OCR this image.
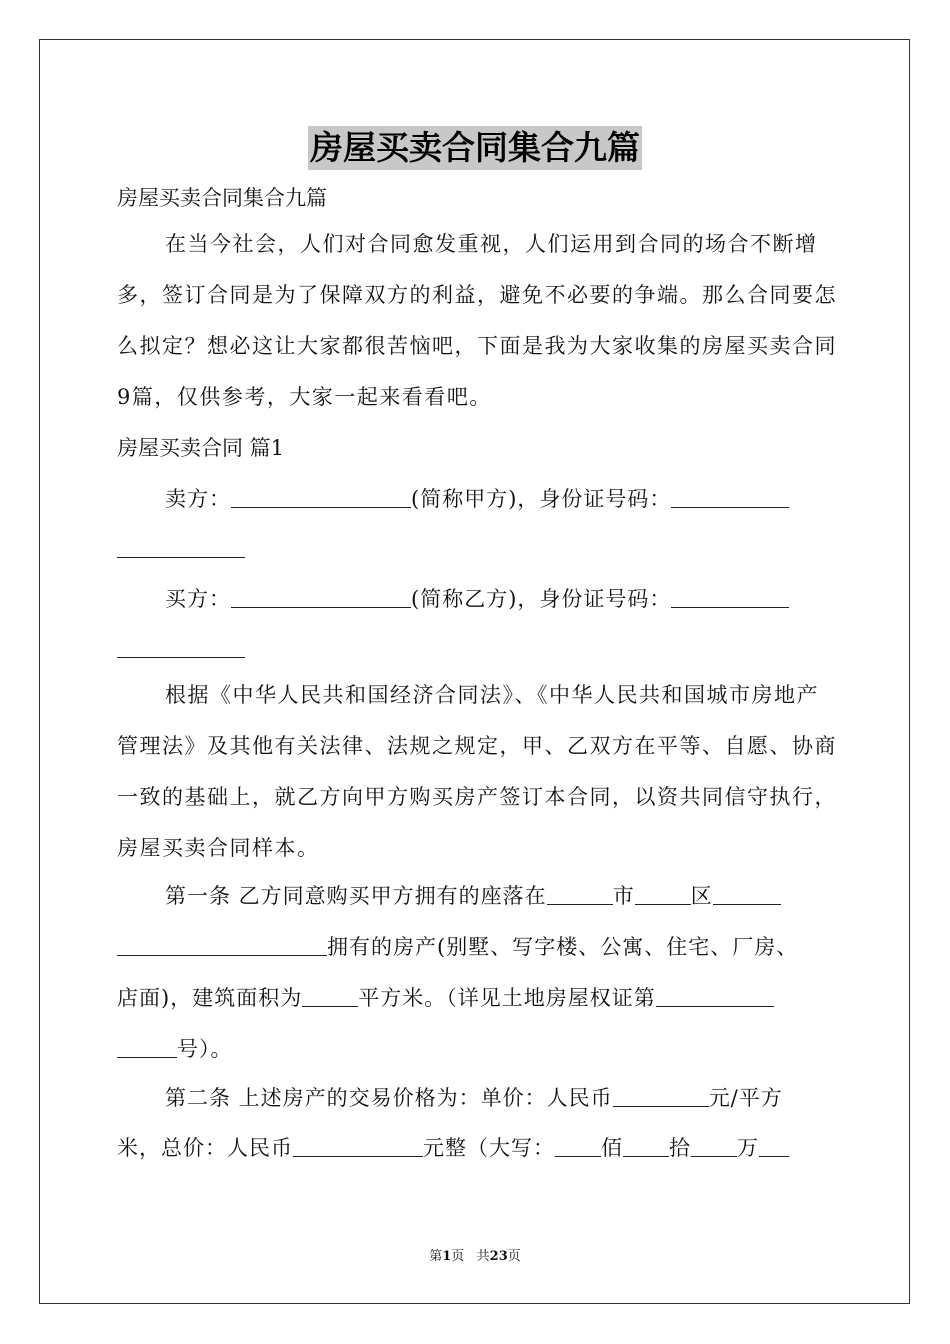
房屋买卖合同集合九篇
房屋买卖合同集合九篇

在当今社会，人们对合同愈发重视，人们运用到合同的场合不断增多，签订合同是为了保障双方的利益，避免不必要的争端。那么合同要怎么拟定？想必这让大家都很苦恼吧，下面是我为大家收集的房屋买卖合同9篇，仅供参考，大家一起来看看吧。

房屋买卖合同 篇1
卖方：	(简称甲方)，身份证号码：
买方：	(简称乙方)，身份证号码：

根据《中华人民共和国经济合同法》、《中华人民共和国城市房地产管理法》及其他有关法律、法规之规定，甲、乙双方在平等、自愿、协商一致的基础上，就乙方向甲方购买房产签订本合同，以资共同信守执行，房屋买卖合同样本。

第一条 乙方同意购买甲方拥有的座落在	市	区
拥有的房产(别墅、写字楼、公寓、住宅、厂房、
店面)，建筑面积为	平方米。（详见土地房屋权证第
号）。
第二条 上述房产的交易价格为：单价：人民币	元/平方
米，总价：人民币	元整（大写： 佰 拾 万
第1页   共23页
